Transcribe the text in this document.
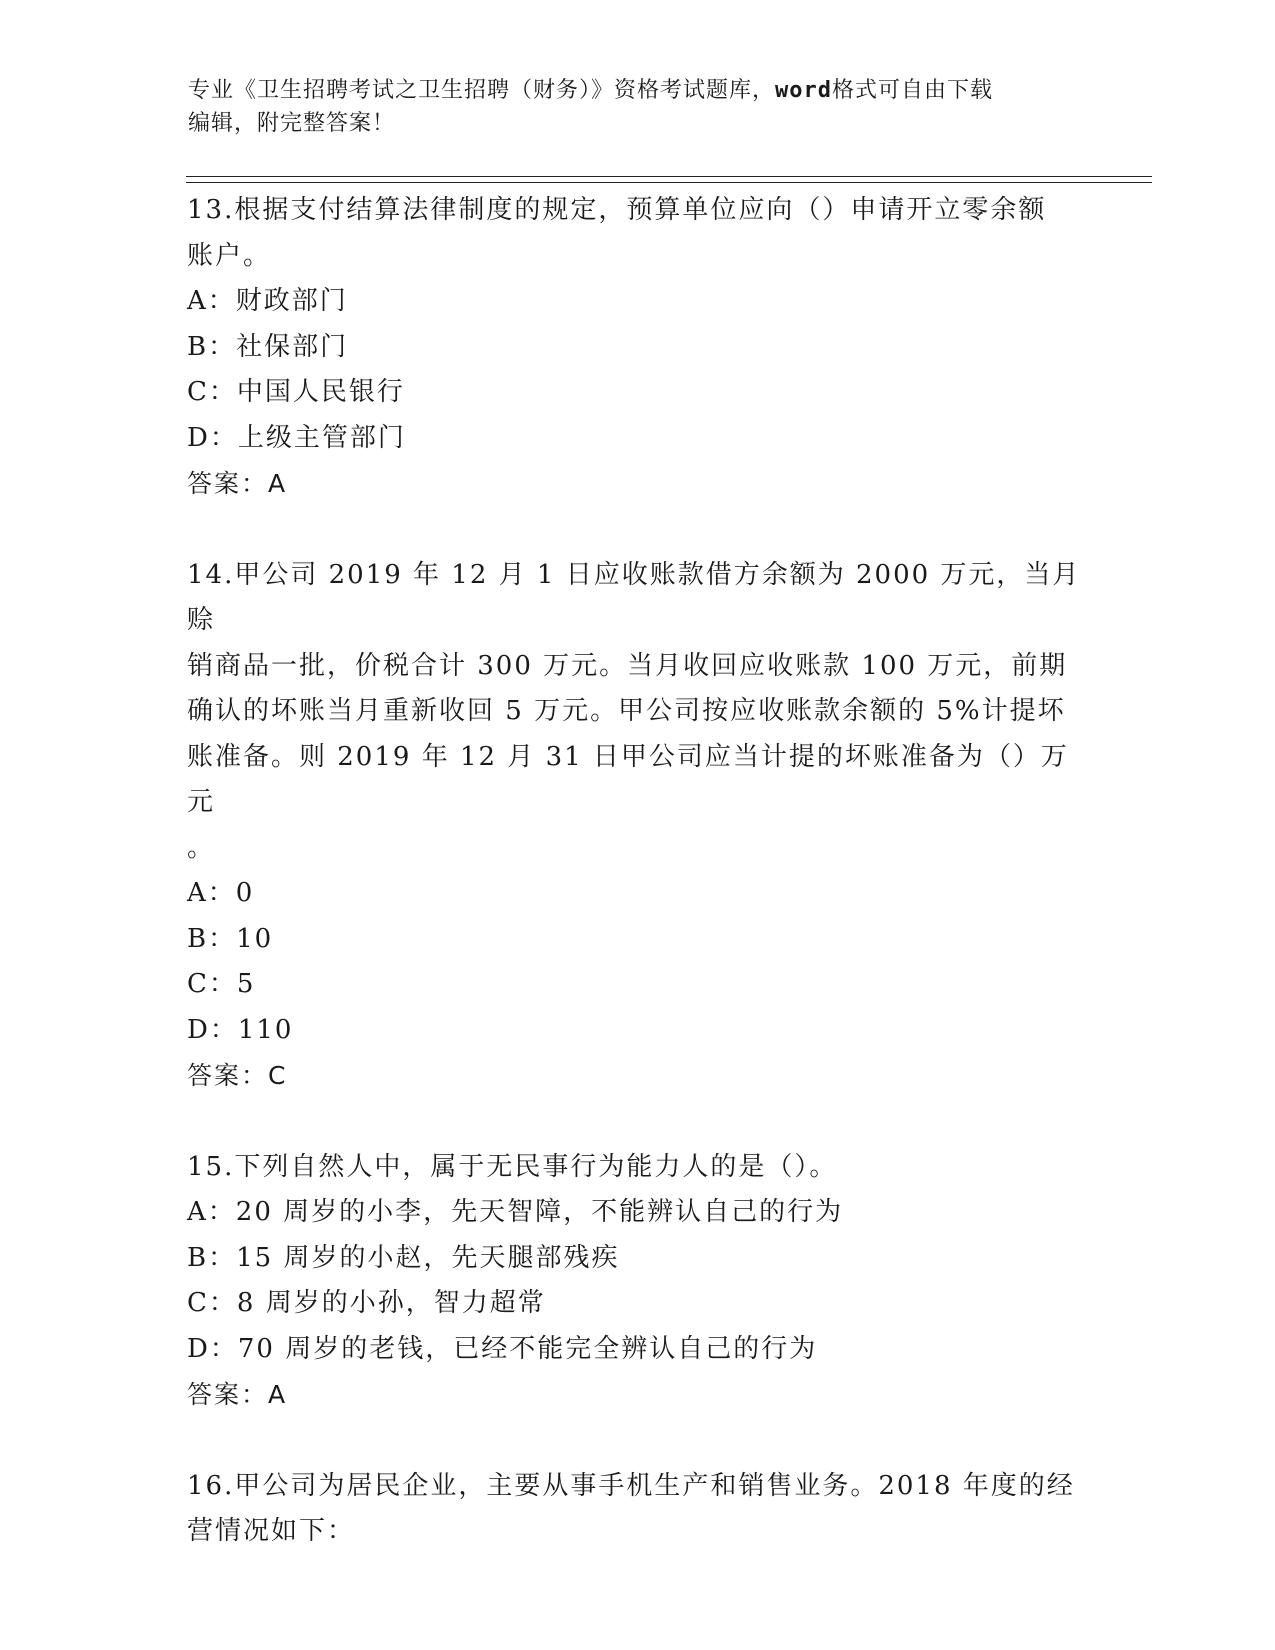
专业《卫生招聘考试之卫生招聘（财务）》资格考试题库，word格式可自由下载
编辑，附完整答案！

13.根据支付结算法律制度的规定，预算单位应向（）申请开立零余额

账户。

A：财政部门

B：社保部门

C：中国人民银行

D：上级主管部门

答案：A

14.甲公司 2019 年 12 月 1 日应收账款借方余额为 2000 万元，当月赊

销商品一批，价税合计 300 万元。当月收回应收账款 100 万元，前期

确认的坏账当月重新收回 5 万元。甲公司按应收账款余额的 5%计提坏

账准备。则 2019 年 12 月 31 日甲公司应当计提的坏账准备为（）万元

。

A：0

B：10

C：5

D：110

答案：C

15.下列自然人中，属于无民事行为能力人的是（）。

A：20 周岁的小李，先天智障，不能辨认自己的行为

B：15 周岁的小赵，先天腿部残疾

C：8 周岁的小孙，智力超常

D：70 周岁的老钱，已经不能完全辨认自己的行为

答案：A

16.甲公司为居民企业，主要从事手机生产和销售业务。2018 年度的经

营情况如下：
